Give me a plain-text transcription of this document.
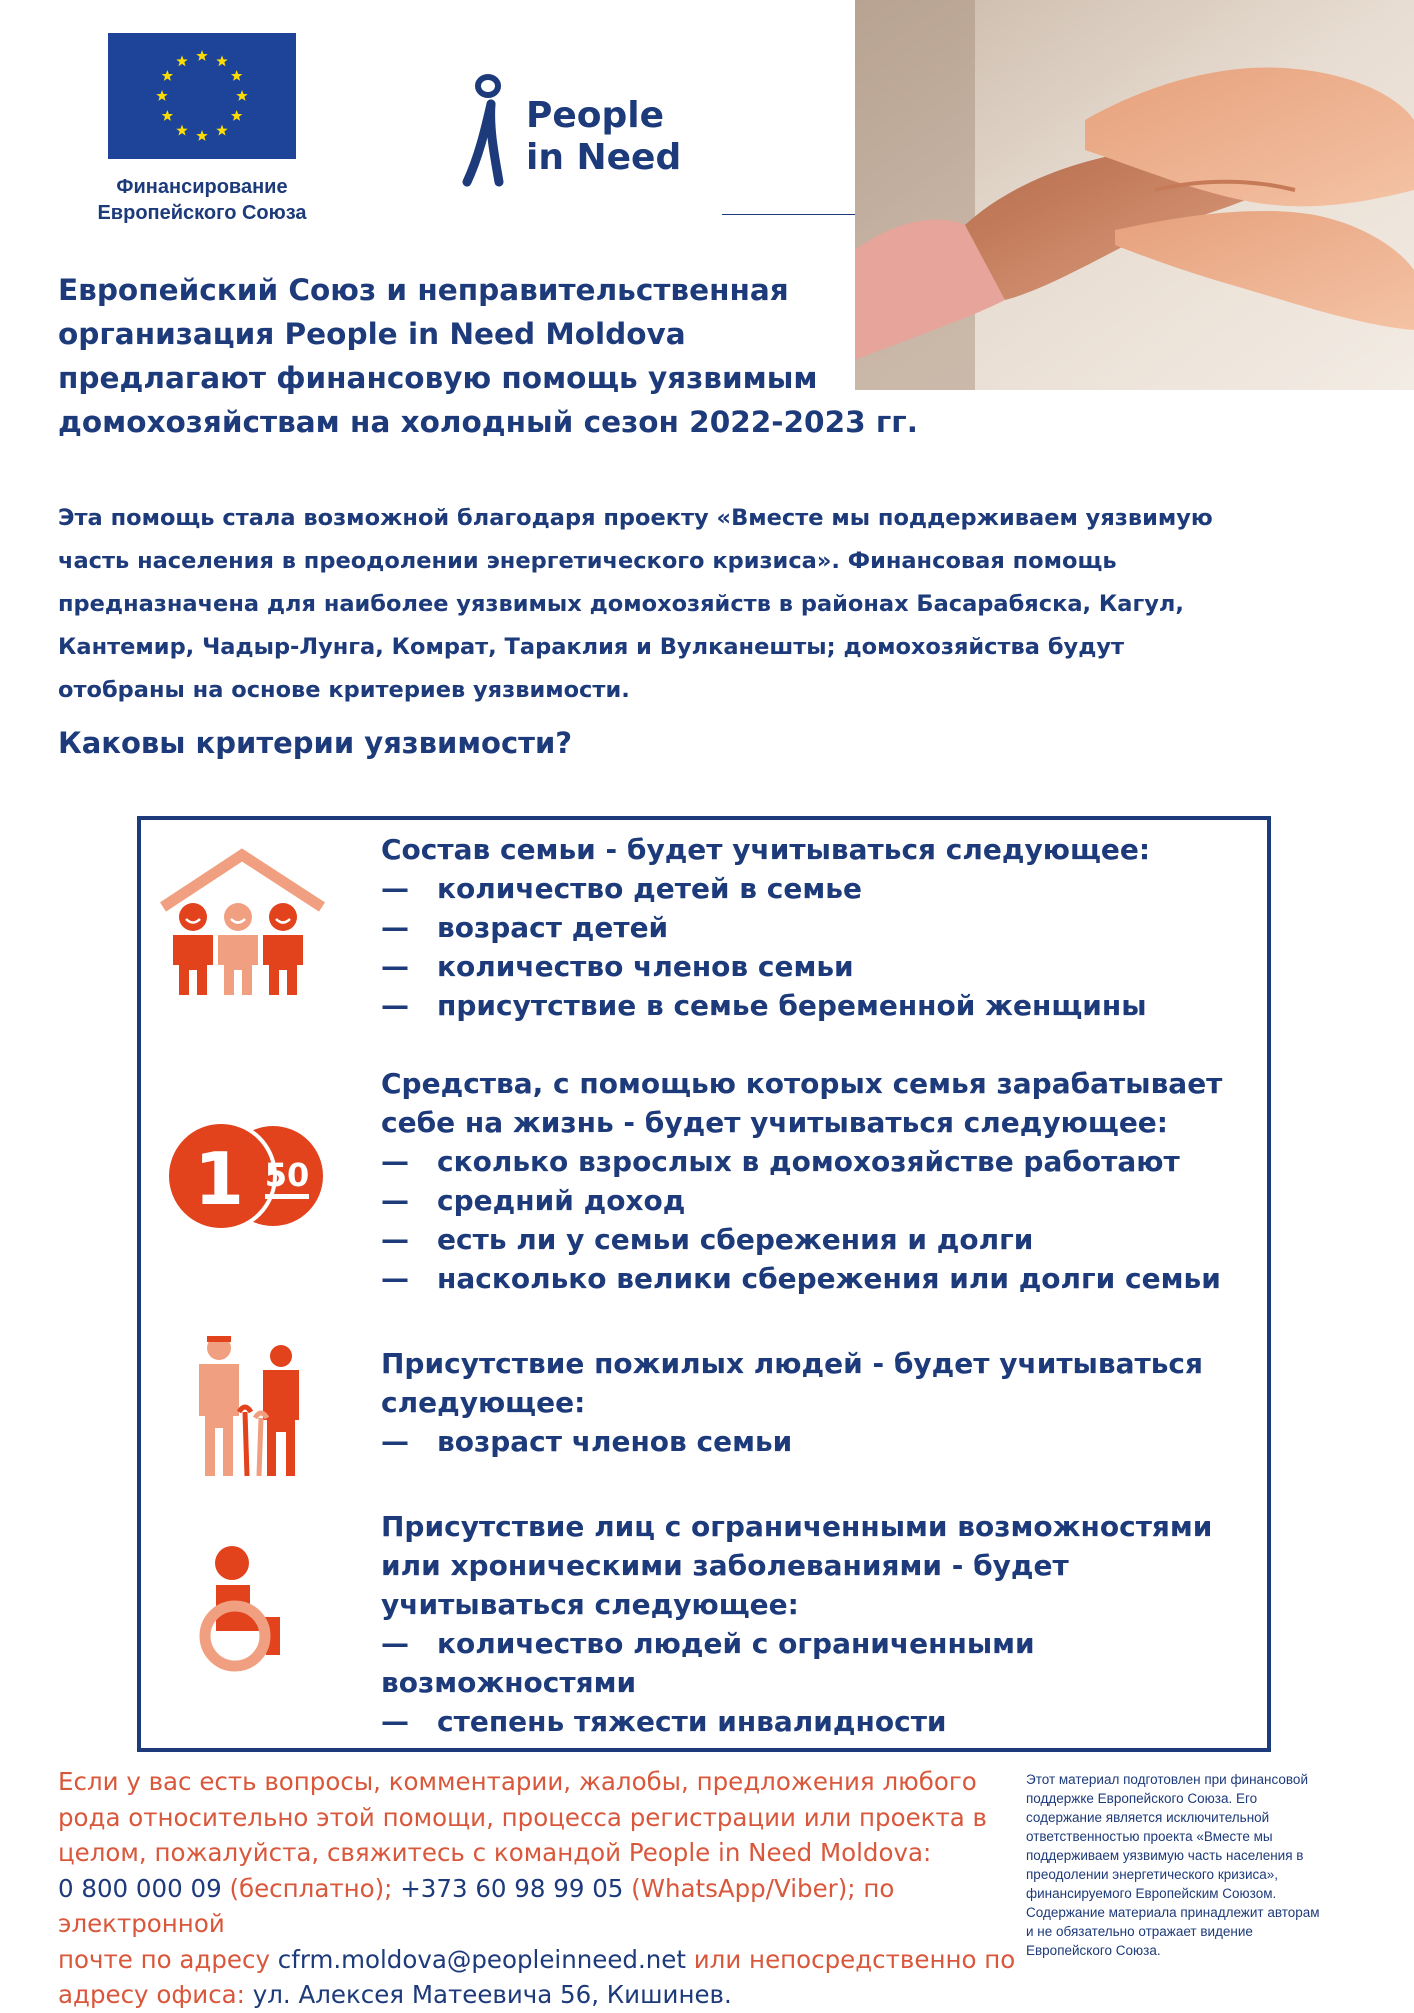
Финансирование
Европейского Союза
People
in Need
Европейский Союз и неправительственная
организация People in Need Moldova
предлагают финансовую помощь уязвимым
домохозяйствам на холодный сезон 2022-2023 гг.
Эта помощь стала возможной благодаря проекту «Вместе мы поддерживаем уязвимую
часть населения в преодолении энергетического кризиса». Финансовая помощь
предназначена для наиболее уязвимых домохозяйств в районах Басарабяска, Кагул,
Кантемир, Чадыр-Лунга, Комрат, Тараклия и Вулканешты; домохозяйства будут
отобраны на основе критериев уязвимости.
Каковы критерии уязвимости?
Состав семьи - будет учитываться следующее:
— количество детей в семье
— возраст детей
— количество членов семьи
— присутствие в семье беременной женщины
Средства, с помощью которых семья зарабатывает
себе на жизнь - будет учитываться следующее:
— сколько взрослых в домохозяйстве работают
— средний доход
— есть ли у семьи сбережения и долги
— насколько велики сбережения или долги семьи
Присутствие пожилых людей - будет учитываться
следующее:
— возраст членов семьи
Присутствие лиц с ограниченными возможностями
или хроническими заболеваниями - будет
учитываться следующее:
— количество людей с ограниченными
возможностями
— степень тяжести инвалидности
1 50
Если у вас есть вопросы, комментарии, жалобы, предложения любого
рода относительно этой помощи, процесса регистрации или проекта в
целом, пожалуйста, свяжитесь с командой People in Need Moldova:
0 800 000 09 (бесплатно); +373 60 98 99 05 (WhatsApp/Viber); по электронной
почте по адресу cfrm.moldova@peopleinneed.net или непосредственно по
адресу офиса: ул. Алексея Матеевича 56, Кишинев.
Этот материал подготовлен при финансовой
поддержке Европейского Союза. Его
содержание является исключительной
ответственностью проекта «Вместе мы
поддерживаем уязвимую часть населения в
преодолении энергетического кризиса»,
финансируемого Европейским Союзом.
Содержание материала принадлежит авторам
и не обязательно отражает видение
Европейского Союза.
